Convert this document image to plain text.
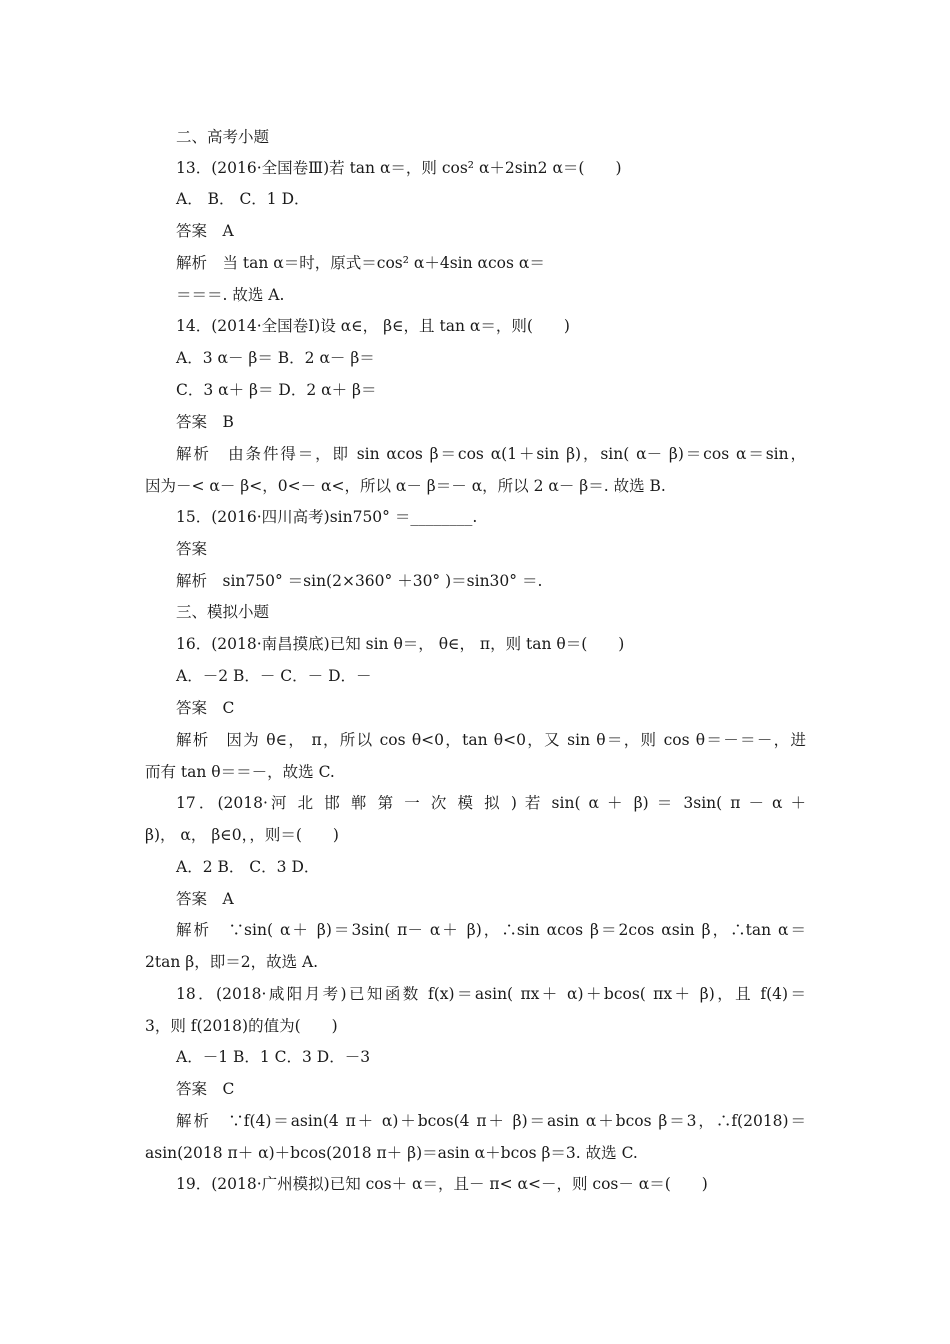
二、高考小题
13．(2016·全国卷Ⅲ)若 tan α＝，则 cos² α＋2sin2 α＝(　　)
A． B． C．1 D．
答案　A
解析　当 tan α＝时，原式＝cos² α＋4sin αcos α＝
＝＝＝. 故选 A.
14．(2014·全国卷Ⅰ)设 α∈， β∈，且 tan α＝，则(　　)
A．3 α－ β＝ B．2 α－ β＝
C．3 α＋ β＝ D．2 α＋ β＝
答案　B
解析　由条件得＝，即 sin αcos β＝cos α(1＋sin β)，sin( α－ β)＝cos α＝sin，
因为－< α－ β<，0<－ α<，所以 α－ β＝－ α，所以 2 α－ β＝. 故选 B.
15．(2016·四川高考)sin750° ＝________.
答案
解析　sin750° ＝sin(2×360° ＋30° )＝sin30° ＝.
三、模拟小题
16．(2018·南昌摸底)已知 sin θ＝， θ∈， π，则 tan θ＝(　　)
A．－2 B．－ C．－ D．－
答案　C
解析　因为 θ∈， π，所以 cos θ<0，tan θ<0，又 sin θ＝，则 cos θ＝－＝－，进
而有 tan θ＝＝－，故选 C.
17．(2018·河 北 邯 郸 第 一 次 模 拟 ) 若 sin( α ＋ β) ＝ 3sin( π － α ＋
β)， α， β∈0，，则＝(　　)
A．2 B． C．3 D．
答案　A
解析　∵sin( α＋ β)＝3sin( π－ α＋ β)，∴sin αcos β＝2cos αsin β，∴tan α＝
2tan β，即＝2，故选 A.
18．(2018·咸阳月考)已知函数 f(x)＝asin( πx＋ α)＋bcos( πx＋ β)，且 f(4)＝
3，则 f(2018)的值为(　　)
A．－1 B．1 C．3 D．－3
答案　C
解析　∵f(4)＝asin(4 π＋ α)＋bcos(4 π＋ β)＝asin α＋bcos β＝3，∴f(2018)＝
asin(2018 π＋ α)＋bcos(2018 π＋ β)＝asin α＋bcos β＝3. 故选 C.
19．(2018·广州模拟)已知 cos＋ α＝，且－ π< α<－，则 cos－ α＝(　　)
